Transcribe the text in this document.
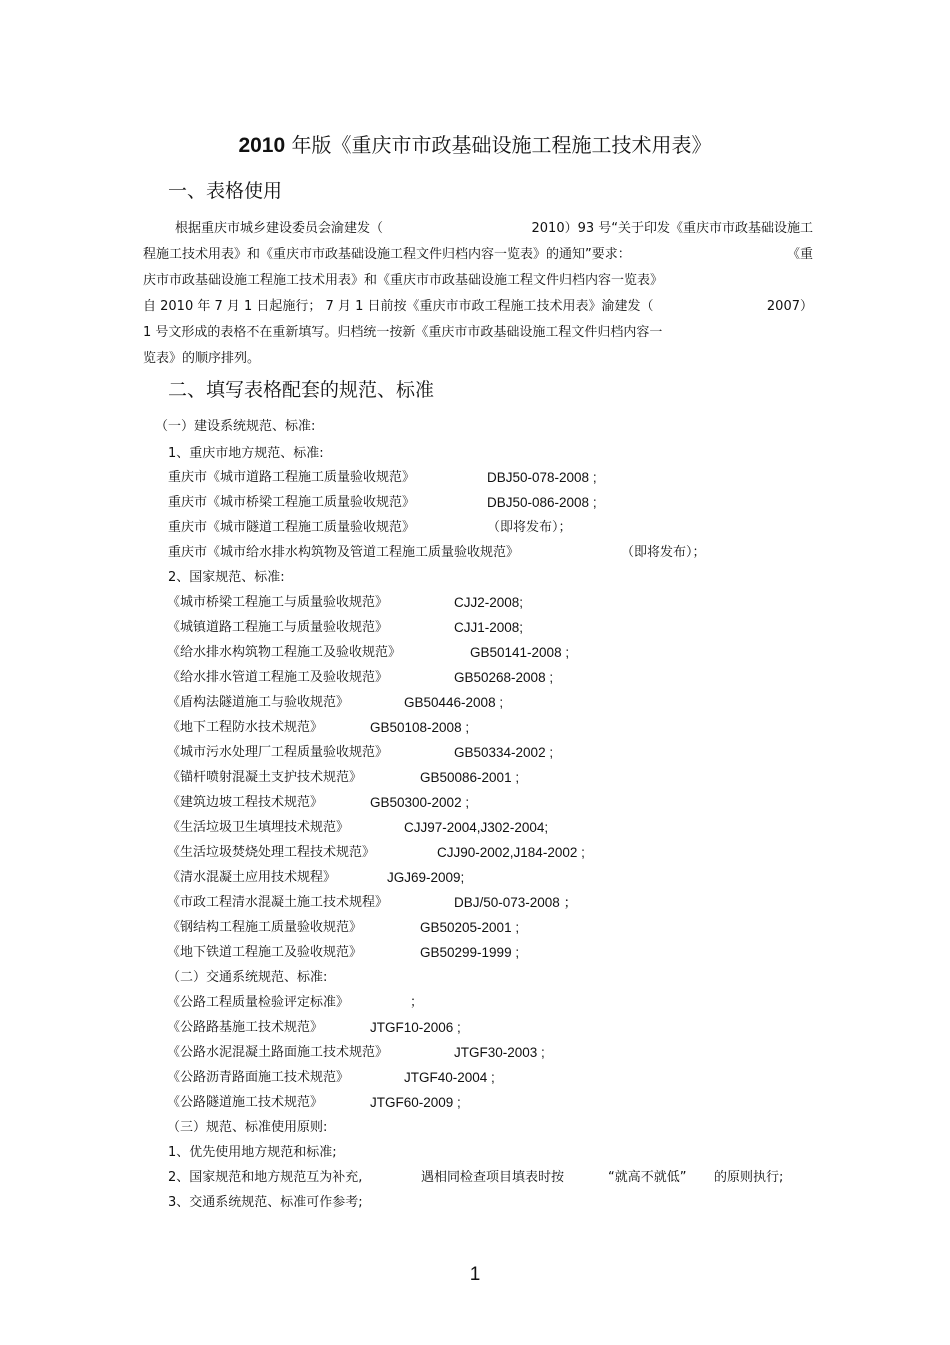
2010 年版《重庆市市政基础设施工程施工技术用表》
一、表格使用
根据重庆市城乡建设委员会渝建发（	2010）93 号“关于印发《重庆市市政基础设施工
程施工技术用表》和《重庆市市政基础设施工程文件归档内容一览表》的通知”要求：	《重
庆市市政基础设施工程施工技术用表》和《重庆市市政基础设施工程文件归档内容一览表》
自 2010 年 7 月 1 日起施行； 7 月 1 日前按《重庆市市政工程施工技术用表》渝建发（	2007）
1 号文形成的表格不在重新填写。归档统一按新《重庆市市政基础设施工程文件归档内容一
览表》的顺序排列。
二、填写表格配套的规范、标准
（一）建设系统规范、标准:
1、重庆市地方规范、标准:
重庆市《城市道路工程施工质量验收规范》	DBJ50-078-2008 ;
重庆市《城市桥梁工程施工质量验收规范》	DBJ50-086-2008 ;
重庆市《城市隧道工程施工质量验收规范》	（即将发布）；
重庆市《城市给水排水构筑物及管道工程施工质量验收规范》	（即将发布）；
2、国家规范、标准:
《城市桥梁工程施工与质量验收规范》	CJJ2-2008;
《城镇道路工程施工与质量验收规范》	CJJ1-2008;
《给水排水构筑物工程施工及验收规范》	GB50141-2008 ;
《给水排水管道工程施工及验收规范》	GB50268-2008 ;
《盾构法隧道施工与验收规范》	GB50446-2008 ;
《地下工程防水技术规范》	GB50108-2008 ;
《城市污水处理厂工程质量验收规范》	GB50334-2002 ;
《锚杆喷射混凝土支护技术规范》	GB50086-2001 ;
《建筑边坡工程技术规范》	GB50300-2002 ;
《生活垃圾卫生填埋技术规范》	CJJ97-2004,J302-2004;
《生活垃圾焚烧处理工程技术规范》	CJJ90-2002,J184-2002 ;
《清水混凝土应用技术规程》	JGJ69-2009;
《市政工程清水混凝土施工技术规程》	DBJ/50-073-2008 ；
《钢结构工程施工质量验收规范》	GB50205-2001 ;
《地下铁道工程施工及验收规范》	GB50299-1999 ;
（二）交通系统规范、标准:
《公路工程质量检验评定标准》	；
《公路路基施工技术规范》	JTGF10-2006 ;
《公路水泥混凝土路面施工技术规范》	JTGF30-2003 ;
《公路沥青路面施工技术规范》	JTGF40-2004 ;
《公路隧道施工技术规范》	JTGF60-2009 ;
（三）规范、标准使用原则:
1、优先使用地方规范和标准;
2、国家规范和地方规范互为补充,	遇相同检查项目填表时按	“就高不就低” 的原则执行;
3、交通系统规范、标准可作参考;
1
